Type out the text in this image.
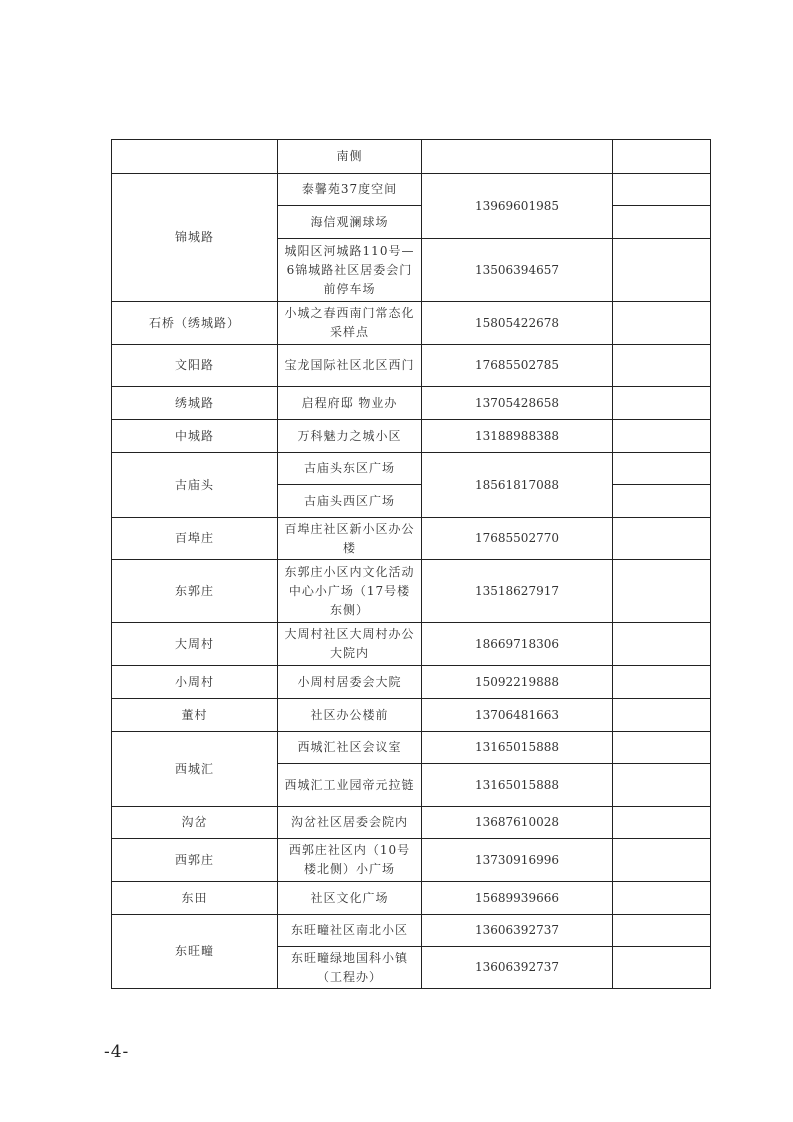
	南侧		
锦城路	泰馨苑37度空间	13969601985	
	海信观澜球场		
	城阳区河城路110号—6锦城路社区居委会门前停车场	13506394657	
石桥（绣城路）	小城之春西南门常态化采样点	15805422678	
文阳路	宝龙国际社区北区西门	17685502785	
绣城路	启程府邸 物业办	13705428658	
中城路	万科魅力之城小区	13188988388	
古庙头	古庙头东区广场	18561817088	
	古庙头西区广场		
百埠庄	百埠庄社区新小区办公楼	17685502770	
东郭庄	东郭庄小区内文化活动中心小广场（17号楼东侧）	13518627917	
大周村	大周村社区大周村办公大院内	18669718306	
小周村	小周村居委会大院	15092219888	
董村	社区办公楼前	13706481663	
西城汇	西城汇社区会议室	13165015888	
	西城汇工业园帝元拉链	13165015888	
沟岔	沟岔社区居委会院内	13687610028	
西郭庄	西郭庄社区内（10号楼北侧）小广场	13730916996	
东田	社区文化广场	15689939666	
东旺疃	东旺疃社区南北小区	13606392737	
	东旺疃绿地国科小镇（工程办）	13606392737	
-4-
